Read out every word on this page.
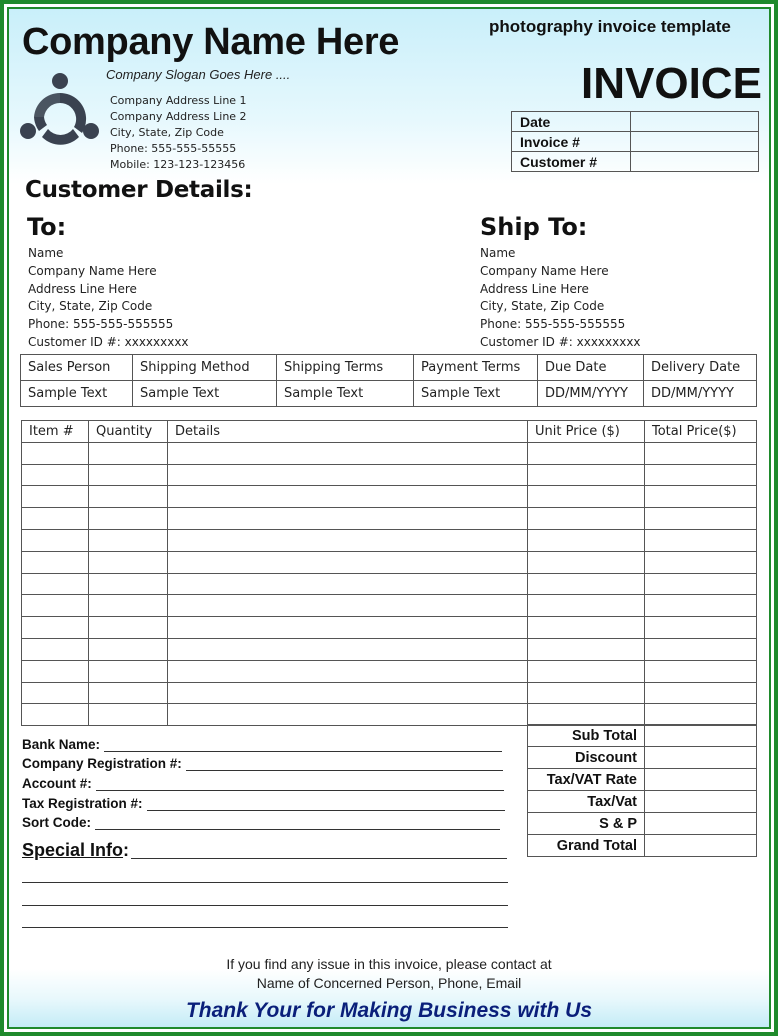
Company Name Here	photography invoice template
INVOICE
Company Slogan Goes Here ....
Company Address Line 1
Company Address Line 2
City, State, Zip Code
Phone: 555-555-55555
Mobile: 123-123-123456
Date	
Invoice #	
Customer #	
Customer Details:
To:	Ship To:
Name
Company Name Here
Address Line Here
City, State, Zip Code
Phone: 555-555-555555
Customer ID #: xxxxxxxxx
Name
Company Name Here
Address Line Here
City, State, Zip Code
Phone: 555-555-555555
Customer ID #: xxxxxxxxx
Sales Person	Shipping Method	Shipping Terms	Payment Terms	Due Date	Delivery Date
Sample Text	Sample Text	Sample Text	Sample Text	DD/MM/YYYY	DD/MM/YYYY
Item #	Quantity	Details	Unit Price ($)	Total Price($)

Bank Name:
Company Registration #:
Account #:
Tax Registration #:
Sort Code:
Special Info:
Sub Total	
Discount	
Tax/VAT Rate	
Tax/Vat	
S & P	
Grand Total	
If you find any issue in this invoice, please contact at
Name of Concerned Person, Phone, Email
Thank Your for Making Business with Us
